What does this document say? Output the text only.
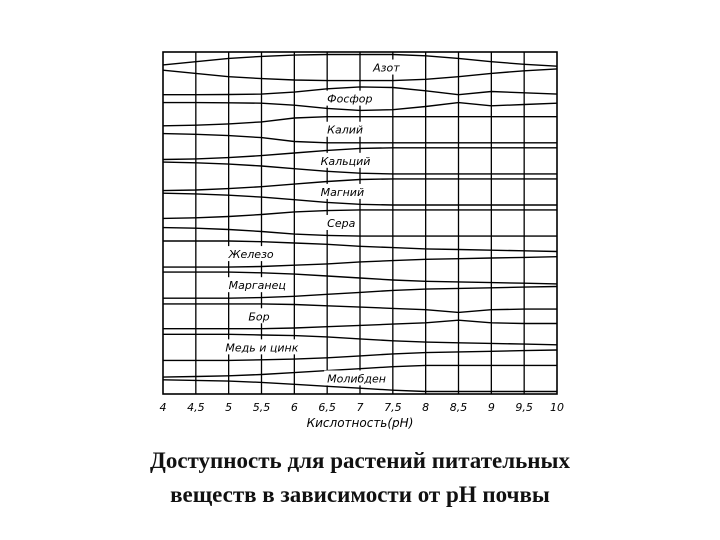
Азот
Фосфор
Калий
Кальций
Магний
Сера
Железо
Марганец
Бор
Медь и цинк
Молибден
4 4,5 5 5,5 6 6,5 7 7,5 8 8,5 9 9,5 10
Кислотность(pH)
Доступность для растений питательных
веществ в зависимости от pH почвы
